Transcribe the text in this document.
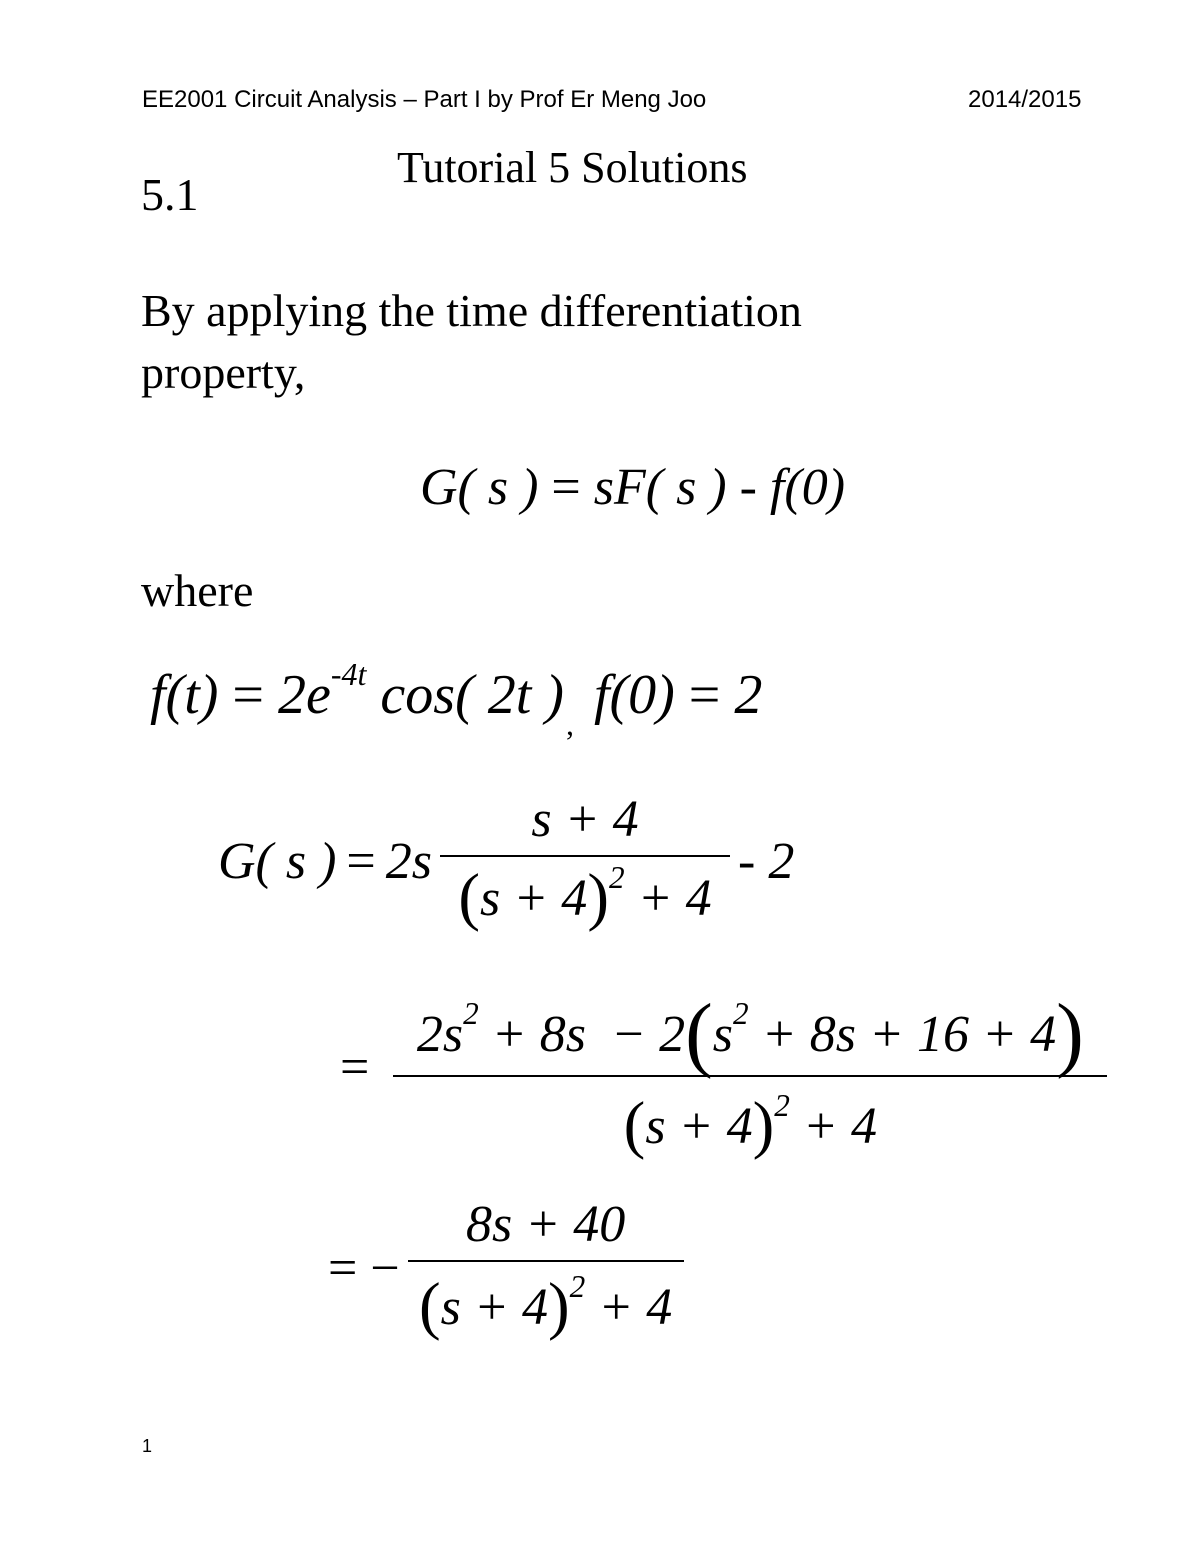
EE2001 Circuit Analysis – Part I by Prof Er Meng Joo	2014/2015
Tutorial 5 Solutions
5.1
By applying the time differentiation
property,
G( s ) = sF( s ) - f(0)
where
$f(t) = 2e^{-4t}$ cos( 2t )$_,$ f(0) = 2
G( s ) = $2s \frac{s + 4}{(s + 4)^2 + 4} - 2$
= $\frac{2s^2 + 8s - 2(s^2 + 8s + 16 + 4)}{(s + 4)^2 + 4}$
= − $\frac{8s + 40}{(s + 4)^2 + 4}$
1
